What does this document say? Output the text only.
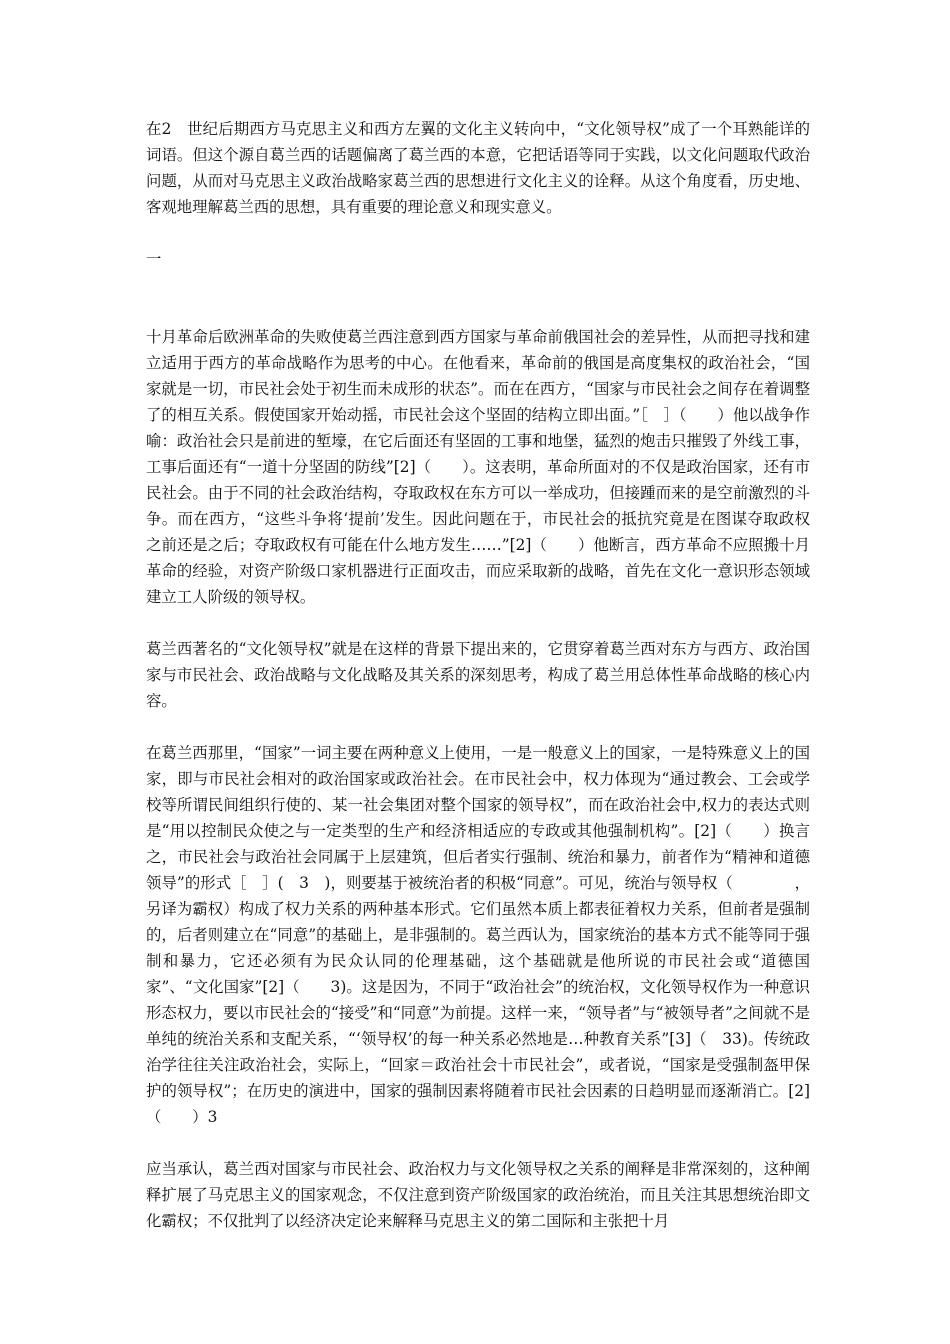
在2　世纪后期西方马克思主义和西方左翼的文化主义转向中，“文化领导权”成了一个耳熟能详的词语。但这个源自葛兰西的话题偏离了葛兰西的本意，它把话语等同于实践，以文化问题取代政治问题，从而对马克思主义政治战略家葛兰西的思想进行文化主义的诠释。从这个角度看，历史地、客观地理解葛兰西的思想，具有重要的理论意义和现实意义。

一

十月革命后欧洲革命的失败使葛兰西注意到西方国家与革命前俄国社会的差异性，从而把寻找和建立适用于西方的革命战略作为思考的中心。在他看来，革命前的俄国是高度集权的政治社会，“国家就是一切，市民社会处于初生而未成形的状态”。而在在西方，“国家与市民社会之间存在着调整了的相互关系。假使国家开始动摇，市民社会这个坚固的结构立即出面。”［　］（　　）他以战争作喻：政治社会只是前进的堑壕，在它后面还有坚固的工事和地堡，猛烈的炮击只摧毁了外线工事，工事后面还有“一道十分坚固的防线”[2]（　　）。这表明，革命所面对的不仅是政治国家，还有市民社会。由于不同的社会政治结构，夺取政权在东方可以一举成功，但接踵而来的是空前激烈的斗争。而在西方，“这些斗争将‘提前’发生。因此问题在于，市民社会的抵抗究竟是在图谋夺取政权之前还是之后；夺取政权有可能在什么地方发生……”[2]（　　）他断言，西方革命不应照搬十月革命的经验，对资产阶级口家机器进行正面攻击，而应采取新的战略，首先在文化一意识形态领域建立工人阶级的领导权。

葛兰西著名的“文化领导权”就是在这样的背景下提出来的，它贯穿着葛兰西对东方与西方、政治国家与市民社会、政治战略与文化战略及其关系的深刻思考，构成了葛兰用总体性革命战略的核心内容。

在葛兰西那里，“国家”一词主要在两种意义上使用，一是一般意义上的国家，一是特殊意义上的国家，即与市民社会相对的政治国家或政治社会。在市民社会中，权力体现为“通过教会、工会或学校等所谓民间组织行使的、某一社会集团对整个国家的领导权”，而在政治社会中,权力的表达式则是“用以控制民众使之与一定类型的生产和经济相适应的专政或其他强制机构”。[2]（　　）换言之，市民社会与政治社会同属于上层建筑，但后者实行强制、统治和暴力，前者作为“精神和道德领导”的形式［　］(　3　)，则要基于被统治者的积极“同意”。可见，统治与领导权（　　　　，另译为霸权）构成了权力关系的两种基本形式。它们虽然本质上都表征着权力关系，但前者是强制的，后者则建立在“同意”的基础上，是非强制的。葛兰西认为，国家统治的基本方式不能等同于强制和暴力，它还必须有为民众认同的伦理基础，这个基础就是他所说的市民社会或“道德国家”、“文化国家”[2]（　　3)。这是因为，不同于“政治社会”的统治权，文化领导权作为一种意识形态权力，要以市民社会的“接受”和“同意”为前提。这样一来，“领导者”与“被领导者”之间就不是单纯的统治关系和支配关系，“‘领导权’的每一种关系必然地是…种教育关系”[3]（　33)。传统政治学往往关注政治社会，实际上，“回家＝政治社会十市民社会”，或者说，“国家是受强制盔甲保护的领导权”；在历史的演进中，国家的强制因素将随着市民社会因素的日趋明显而逐渐消亡。[2]（　　）3

应当承认，葛兰西对国家与市民社会、政治权力与文化领导权之关系的阐释是非常深刻的，这种阐释扩展了马克思主义的国家观念，不仅注意到资产阶级国家的政治统治，而且关注其思想统治即文化霸权；不仅批判了以经济决定论来解释马克思主义的第二国际和主张把十月
